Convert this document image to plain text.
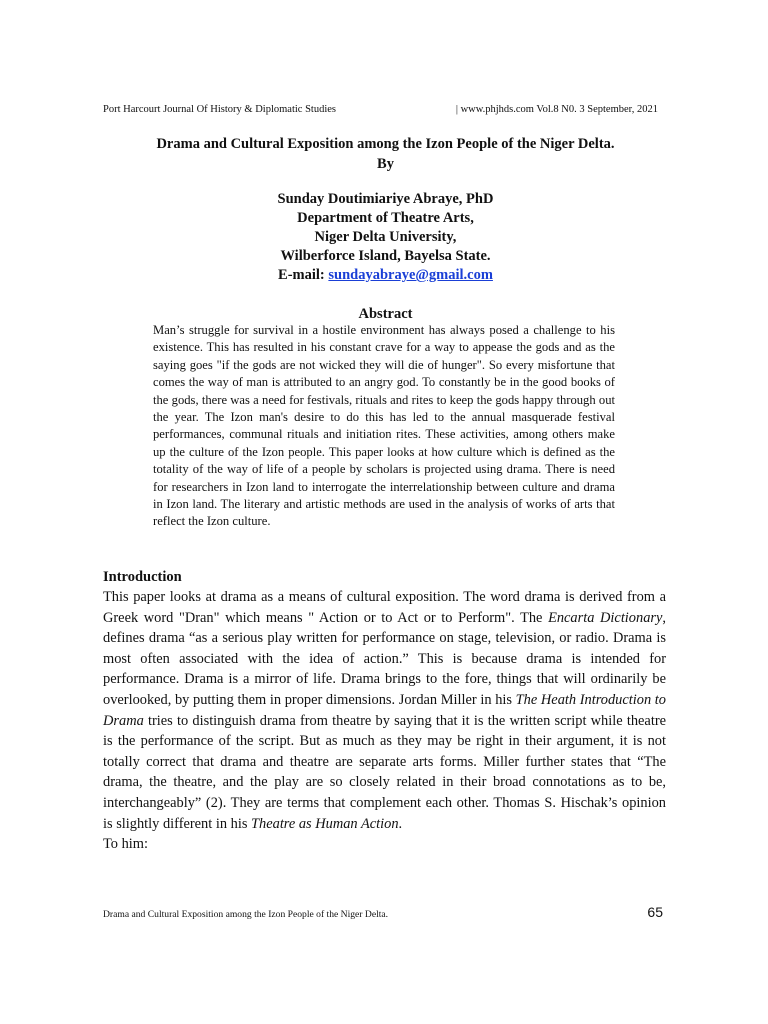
Port Harcourt Journal Of History & Diplomatic Studies	| www.phjhds.com Vol.8 N0. 3 September, 2021
Drama and Cultural Exposition among the Izon People of the Niger Delta.
By
Sunday Doutimiariye Abraye, PhD
Department of Theatre Arts,
Niger Delta University,
Wilberforce Island, Bayelsa State.
E-mail: sundayabraye@gmail.com
Abstract
Man’s struggle for survival in a hostile environment has always posed a challenge to his existence. This has resulted in his constant crave for a way to appease the gods and as the saying goes "if the gods are not wicked they will die of hunger". So every misfortune that comes the way of man is attributed to an angry god. To constantly be in the good books of the gods, there was a need for festivals, rituals and rites to keep the gods happy through out the year. The Izon man's desire to do this has led to the annual masquerade festival performances, communal rituals and initiation rites. These activities, among others make up the culture of the Izon people. This paper looks at how culture which is defined as the totality of the way of life of a people by scholars is projected using drama. There is need for researchers in Izon land to interrogate the interrelationship between culture and drama in Izon land. The literary and artistic methods are used in the analysis of works of arts that reflect the Izon culture.
Introduction
This paper looks at drama as a means of cultural exposition. The word drama is derived from a Greek word "Dran" which means " Action or to Act or to Perform". The Encarta Dictionary, defines drama “as a serious play written for performance on stage, television, or radio. Drama is most often associated with the idea of action.” This is because drama is intended for performance. Drama is a mirror of life. Drama brings to the fore, things that will ordinarily be overlooked, by putting them in proper dimensions. Jordan Miller in his The Heath Introduction to Drama tries to distinguish drama from theatre by saying that it is the written script while theatre is the performance of the script. But as much as they may be right in their argument, it is not totally correct that drama and theatre are separate arts forms. Miller further states that “The drama, the theatre, and the play are so closely related in their broad connotations as to be, interchangeably” (2). They are terms that complement each other. Thomas S. Hischak’s opinion is slightly different in his Theatre as Human Action.
To him:
Drama and Cultural Exposition among the Izon People of the Niger Delta.	65
